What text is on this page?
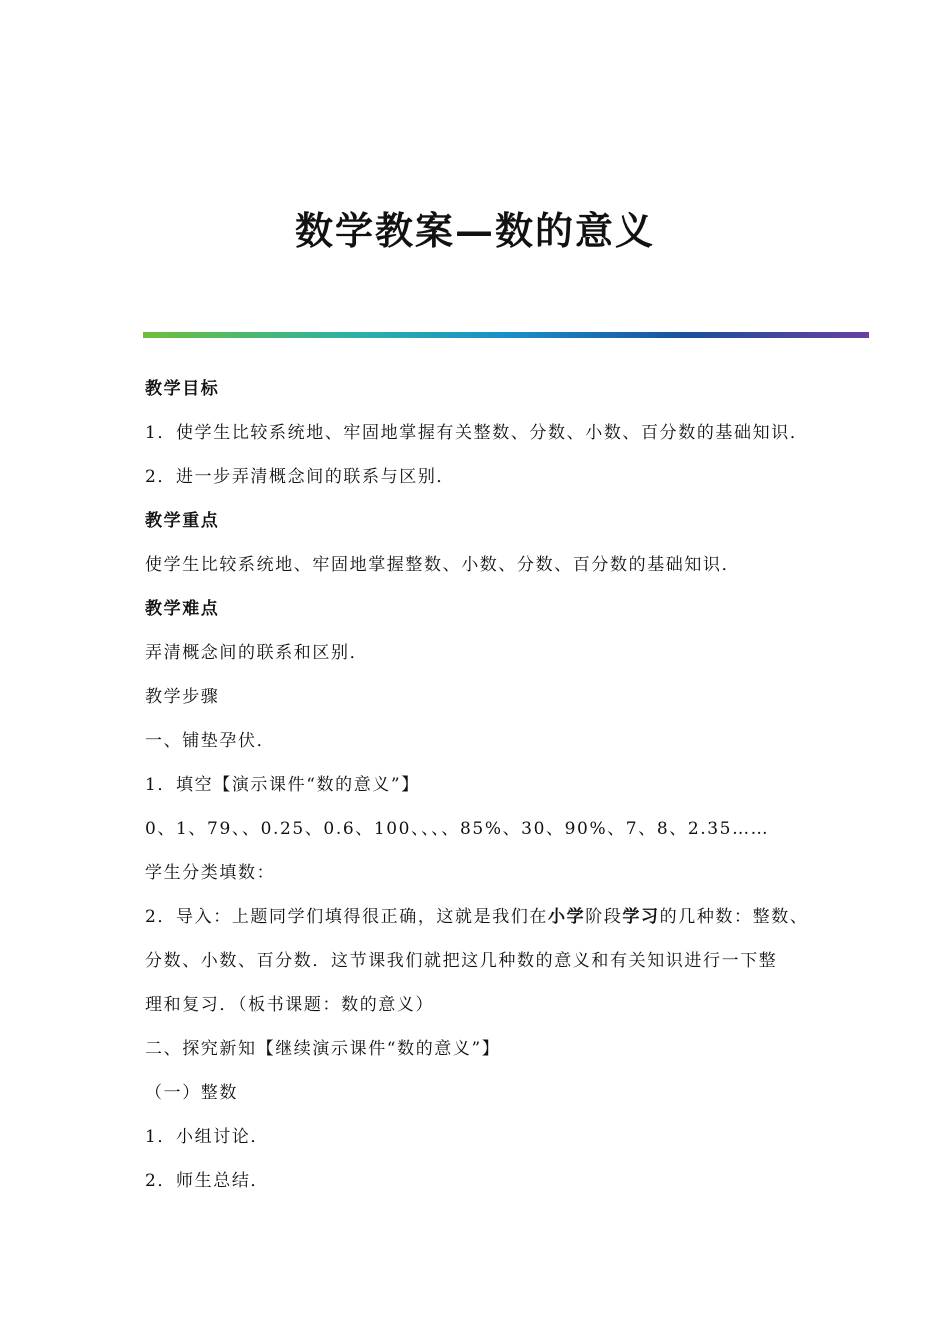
数学教案—数的意义
教学目标
1．使学生比较系统地、牢固地掌握有关整数、分数、小数、百分数的基础知识．
2．进一步弄清概念间的联系与区别．
教学重点
使学生比较系统地、牢固地掌握整数、小数、分数、百分数的基础知识．
教学难点
弄清概念间的联系和区别．
教学步骤
一、铺垫孕伏．
1．填空【演示课件“数的意义”】
0、1、79、、0.25、0.6、100、、、、85%、30、90%、7、8、2.35……
学生分类填数：
2．导入：上题同学们填得很正确，这就是我们在小学阶段学习的几种数：整数、
分数、小数、百分数．这节课我们就把这几种数的意义和有关知识进行一下整
理和复习．（板书课题：数的意义）
二、探究新知【继续演示课件“数的意义”】
（一）整数
1．小组讨论．
2．师生总结．
